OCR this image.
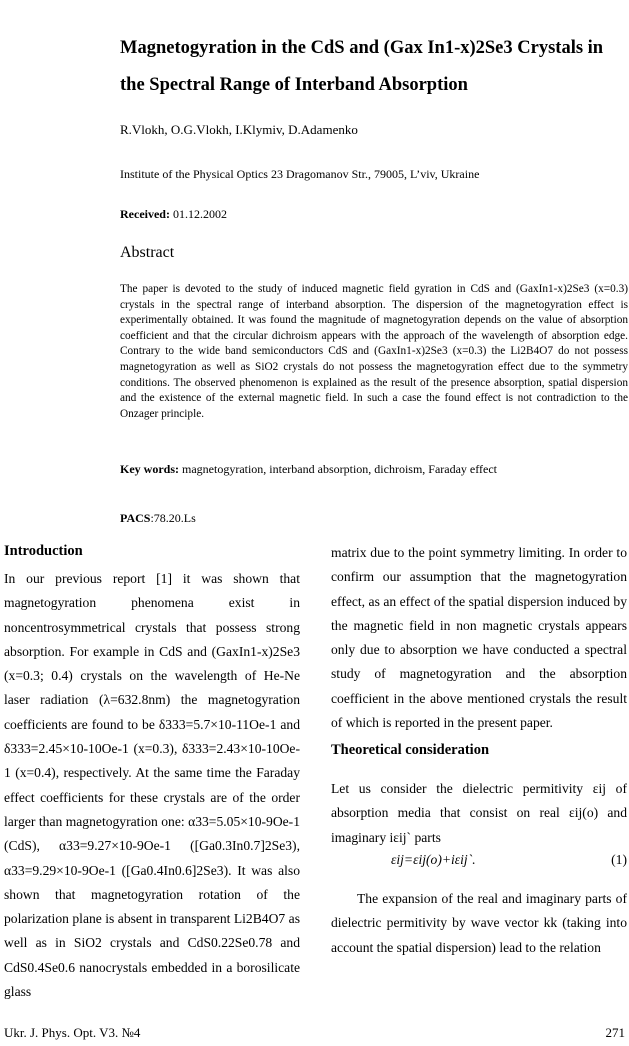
Magnetogyration in the CdS and (Gax In1-x)2Se3 Crystals in the Spectral Range of Interband Absorption
R.Vlokh, O.G.Vlokh, I.Klymiv, D.Adamenko
Institute of the Physical Optics 23 Dragomanov Str., 79005, L’viv, Ukraine
Received: 01.12.2002
Abstract
The paper is devoted to the study of induced magnetic field gyration in CdS and (GaxIn1-x)2Se3 (x=0.3) crystals in the spectral range of interband absorption. The dispersion of the magnetogyration effect is experimentally obtained. It was found the magnitude of magnetogyration depends on the value of absorption coefficient and that the circular dichroism appears with the approach of the wavelength of absorption edge. Contrary to the wide band semiconductors CdS and (GaxIn1-x)2Se3 (x=0.3) the Li2B4O7 do not possess magnetogyration as well as SiO2 crystals do not possess the magnetogyration effect due to the symmetry conditions. The observed phenomenon is explained as the result of the presence absorption, spatial dispersion and the existence of the external magnetic field. In such a case the found effect is not contradiction to the Onzager principle.
Key words: magnetogyration, interband absorption, dichroism, Faraday effect
PACS:78.20.Ls
Introduction
In our previous report [1] it was shown that magnetogyration phenomena exist in noncentrosymmetrical crystals that possess strong absorption. For example in CdS and (GaxIn1-x)2Se3 (x=0.3; 0.4) crystals on the wavelength of He-Ne laser radiation (λ=632.8nm) the magnetogyration coefficients are found to be δ333=5.7×10-11Oe-1 and δ333=2.45×10-10Oe-1 (x=0.3), δ333=2.43×10-10Oe-1 (x=0.4), respectively. At the same time the Faraday effect coefficients for these crystals are of the order larger than magnetogyration one: α33=5.05×10-9Oe-1 (CdS), α33=9.27×10-9Oe-1 ([Ga0.3In0.7]2Se3), α33=9.29×10-9Oe-1 ([Ga0.4In0.6]2Se3). It was also shown that magnetogyration rotation of the polarization plane is absent in transparent Li2B4O7 as well as in SiO2 crystals and CdS0.22Se0.78 and CdS0.4Se0.6 nanocrystals embedded in a borosilicate glass
matrix due to the point symmetry limiting. In order to confirm our assumption that the magnetogyration effect, as an effect of the spatial dispersion induced by the magnetic field in non magnetic crystals appears only due to absorption we have conducted a spectral study of magnetogyration and the absorption coefficient in the above mentioned crystals the result of which is reported in the present paper.
Theoretical consideration
Let us consider the dielectric permitivity εij of absorption media that consist on real εij(o) and imaginary iεij` parts
εij=εij(o)+iεij`.	(1)
The expansion of the real and imaginary parts of dielectric permitivity by wave vector kk (taking into account the spatial dispersion) lead to the relation
Ukr. J. Phys. Opt. V3. №4	271
